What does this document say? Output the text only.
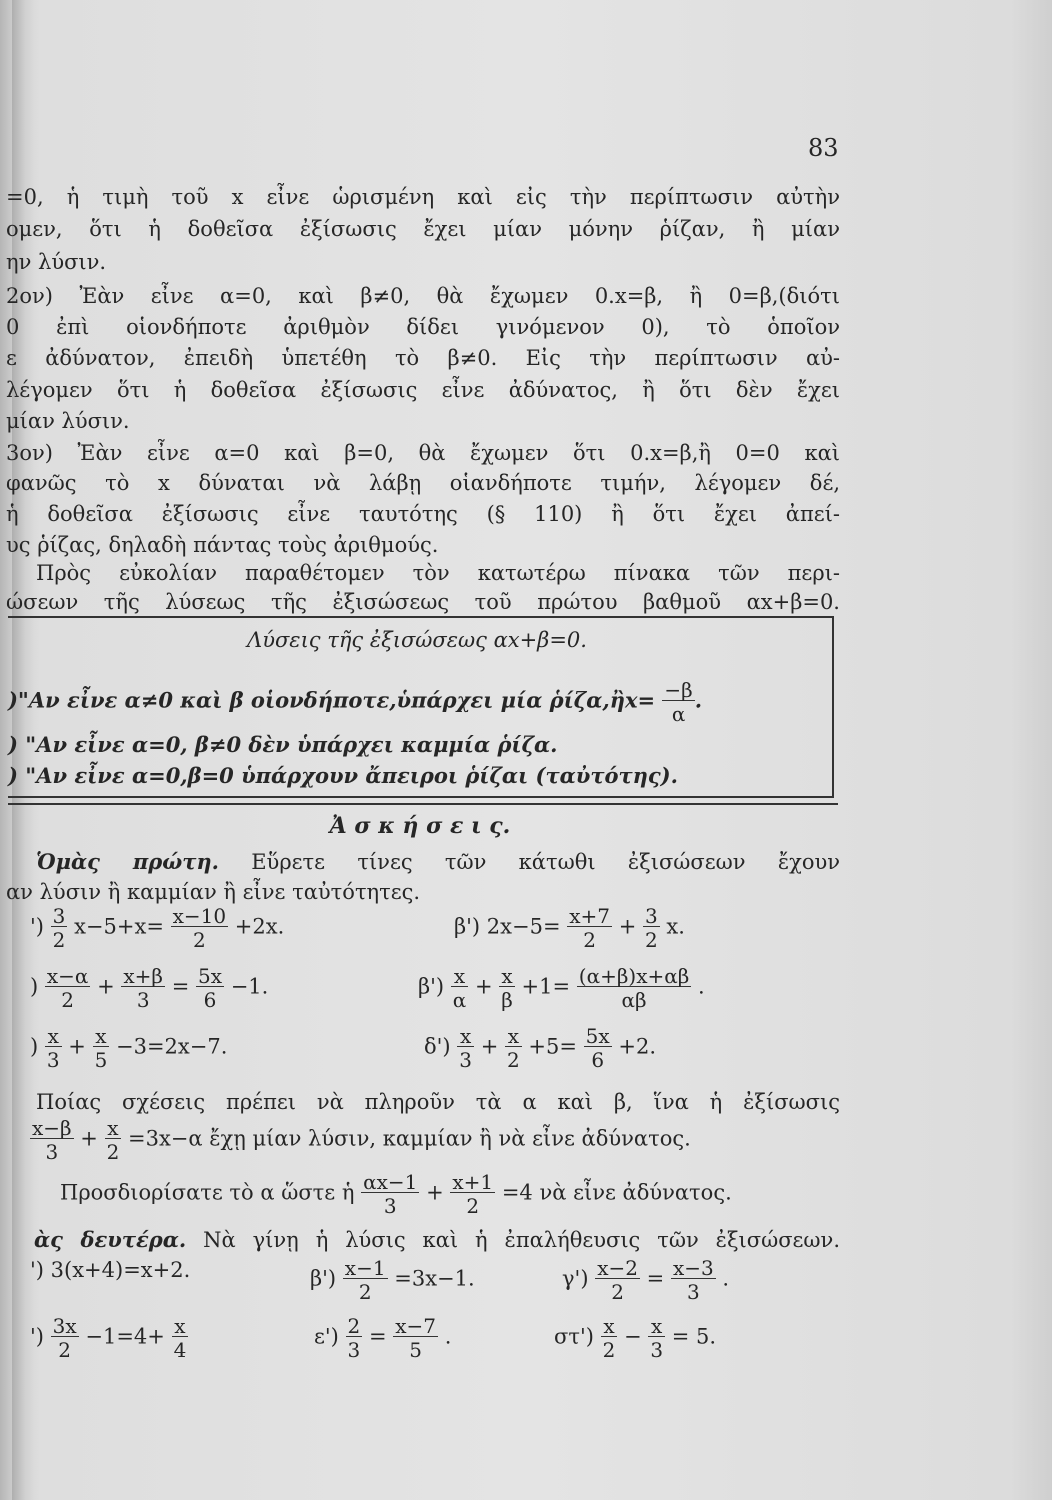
83
=0, ἡ τιμὴ τοῦ x εἶνε ὡρισμένη καὶ εἰς τὴν περίπτωσιν αὐτὴν
ομεν, ὅτι ἡ δοθεῖσα ἐξίσωσις ἔχει μίαν μόνην ῥίζαν, ἢ μίαν
ην λύσιν.
2ον) Ἐὰν εἶνε α=0, καὶ β≠0, θὰ ἔχωμεν 0.x=β, ἢ 0=β,(διότι
0 ἐπὶ οἱονδήποτε ἀριθμὸν δίδει γινόμενον 0), τὸ ὁποῖον
ε ἀδύνατον, ἐπειδὴ ὑπετέθη τὸ β≠0. Εἰς τὴν περίπτωσιν αὐ-
λέγομεν ὅτι ἡ δοθεῖσα ἐξίσωσις εἶνε ἀδύνατος, ἢ ὅτι δὲν ἔχει
μίαν λύσιν.
3ον) Ἐὰν εἶνε α=0 καὶ β=0, θὰ ἔχωμεν ὅτι 0.x=β,ἢ 0=0 καὶ
φανῶς τὸ x δύναται νὰ λάβῃ οἱανδήποτε τιμήν, λέγομεν δέ,
ἡ δοθεῖσα ἐξίσωσις εἶνε ταυτότης (§ 110) ἢ ὅτι ἔχει ἀπεί-
υς ῥίζας, δηλαδὴ πάντας τοὺς ἀριθμούς.
Πρὸς εὐκολίαν παραθέτομεν τὸν κατωτέρω πίνακα τῶν περι-
ώσεων τῆς λύσεως τῆς ἐξισώσεως τοῦ πρώτου βαθμοῦ αx+β=0.
Λύσεις τῆς ἐξισώσεως αx+β=0.
)"Αν εἶνε α≠0 καὶ β οἱονδήποτε,ὑπάρχει μία ῥίζα,ἢx= $\frac{-\beta}{\alpha}$ .
) "Αν εἶνε α=0, β≠0 δὲν ὑπάρχει καμμία ῥίζα.
) "Αν εἶνε α=0,β=0 ὑπάρχουν ἄπειροι ῥίζαι (ταὐτότης).
Ἀ σ κ ή σ ε ι ς.
Ὁμὰς πρώτη. Εὕρετε τίνες τῶν κάτωθι ἐξισώσεων ἔχουν
αν λύσιν ἢ καμμίαν ἢ εἶνε ταὐτότητες.
') $\frac{3}{2} x-5+x= \frac{x-10}{2} +2x$.	β') $2x-5= \frac{x+7}{2} + \frac{3}{2} x$.
) $\frac{x-\alpha}{2} + \frac{x+\beta}{3} = \frac{5x}{6} -1$.	$\beta') \frac{x}{\alpha} + \frac{x}{\beta} +1= \frac{(\alpha+\beta)x+\alpha\beta}{\alpha\beta}$ .
) $\frac{x}{3} + \frac{x}{5} -3=2x-7$.	$\delta') \frac{x}{3} + \frac{x}{2} +5= \frac{5x}{6} +2$.
Ποίας σχέσεις πρέπει νὰ πληροῦν τὰ α καὶ β, ἵνα ἡ ἐξίσωσις
$\frac{x-\beta}{3} + \frac{x}{2} =3x-\alpha$ ἔχῃ μίαν λύσιν, καμμίαν ἢ νὰ εἶνε ἀδύνατος.
Προσδιορίσατε τὸ α ὥστε ἡ $\frac{\alpha x-1}{3} + \frac{x+1}{2} =4$ νὰ εἶνε ἀδύνατος.
ὰς δευτέρα. Νὰ γίνῃ ἡ λύσις καὶ ἡ ἐπαλήθευσις τῶν ἐξισώσεων.
') 3(x+4)=x+2.	$\beta') \frac{x-1}{2} =3x-1$.	$\gamma') \frac{x-2}{2} = \frac{x-3}{3}$ .
') $\frac{3x}{2} -1=4+ \frac{x}{4}$	$\varepsilon') \frac{2}{3} = \frac{x-7}{5}$ .	$\sigma\tau') \frac{x}{2} - \frac{x}{3} = 5$.
